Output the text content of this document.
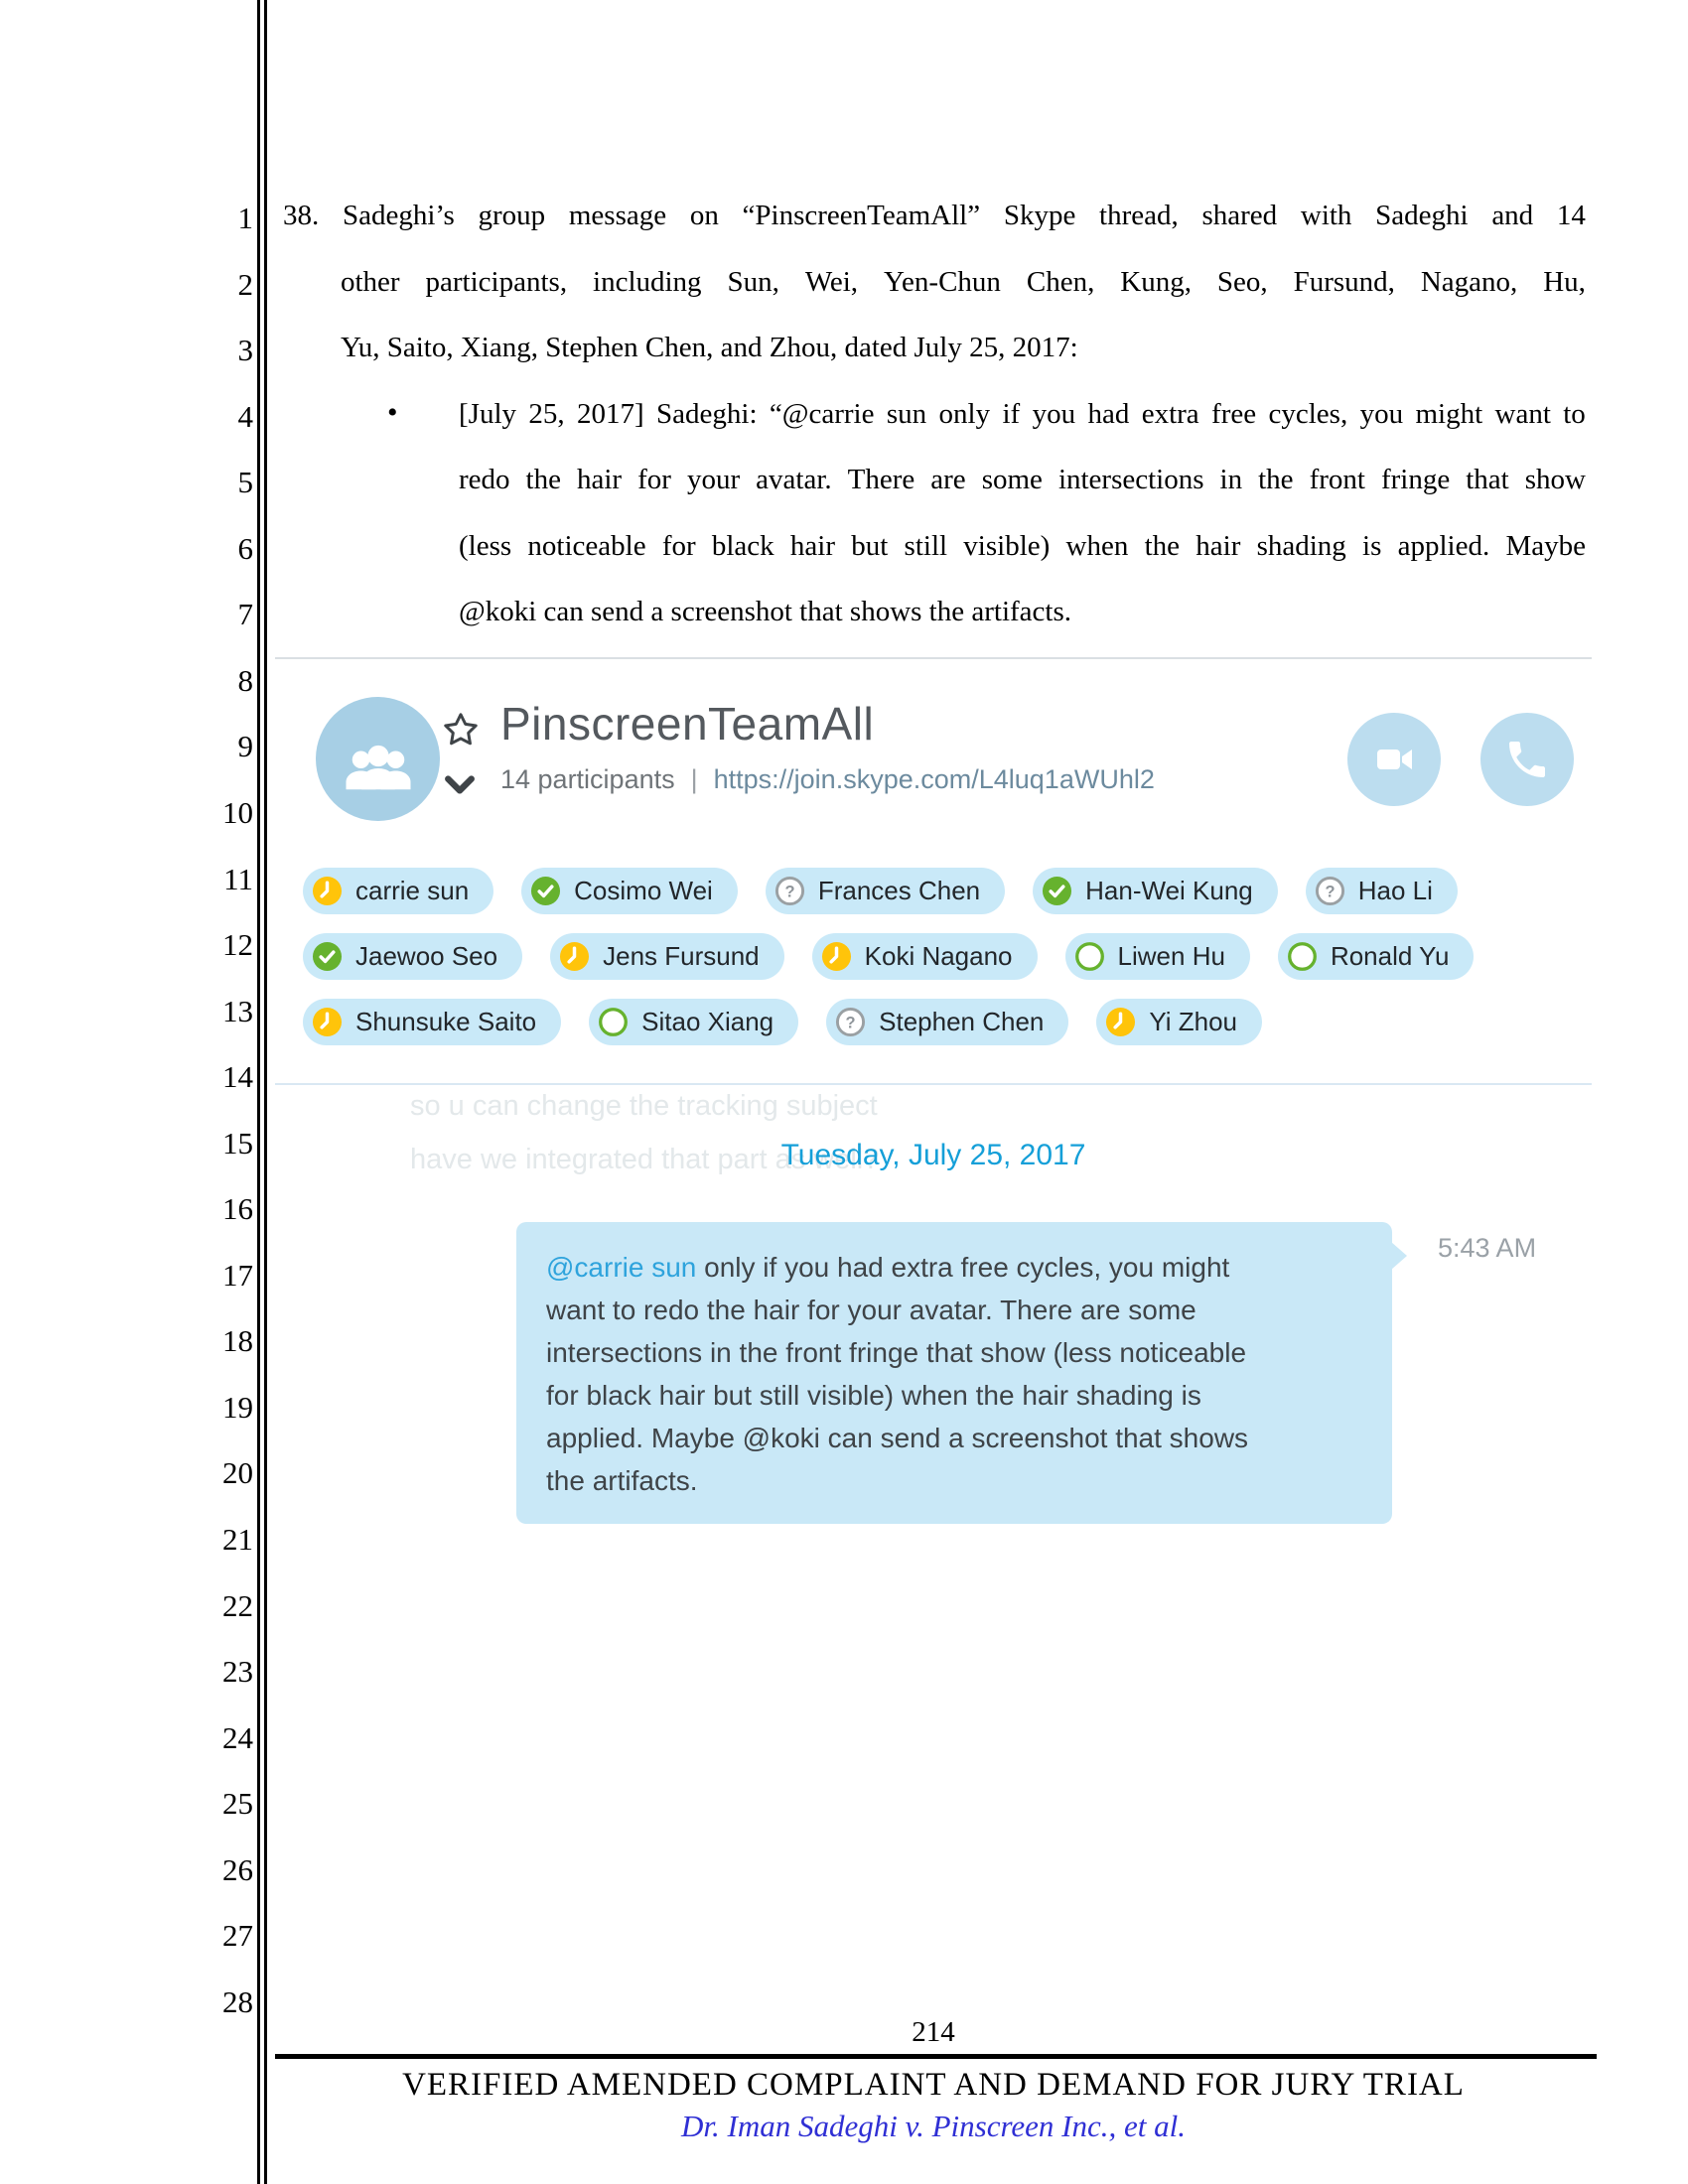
1
2
3
4
5
6
7
8
9
10
11
12
13
14
15
16
17
18
19
20
21
22
23
24
25
26
27
28
38. Sadeghi’s group message on “PinscreenTeamAll” Skype thread, shared with Sadeghi and 14
other participants, including Sun, Wei, Yen-Chun Chen, Kung, Seo, Fursund, Nagano, Hu,
Yu, Saito, Xiang, Stephen Chen, and Zhou, dated July 25, 2017:
• [July 25, 2017] Sadeghi: “@carrie sun only if you had extra free cycles, you might want to
redo the hair for your avatar. There are some intersections in the front fringe that show
(less noticeable for black hair but still visible) when the hair shading is applied. Maybe
@koki can send a screenshot that shows the artifacts.
PinscreenTeamAll
14 participants | https://join.skype.com/L4luq1aWUhl2
carrie sun	Cosimo Wei	? Frances Chen	Han-Wei Kung	? Hao Li
Jaewoo Seo	Jens Fursund	Koki Nagano	Liwen Hu	Ronald Yu
Shunsuke Saito	Sitao Xiang	? Stephen Chen	Yi Zhou
so u can change the tracking subject
have we integrated that part as well?
Tuesday, July 25, 2017
@carrie sun only if you had extra free cycles, you might
want to redo the hair for your avatar. There are some
intersections in the front fringe that show (less noticeable
for black hair but still visible) when the hair shading is
applied. Maybe @koki can send a screenshot that shows
the artifacts.
5:43 AM
214
VERIFIED AMENDED COMPLAINT AND DEMAND FOR JURY TRIAL
Dr. Iman Sadeghi v. Pinscreen Inc., et al.
